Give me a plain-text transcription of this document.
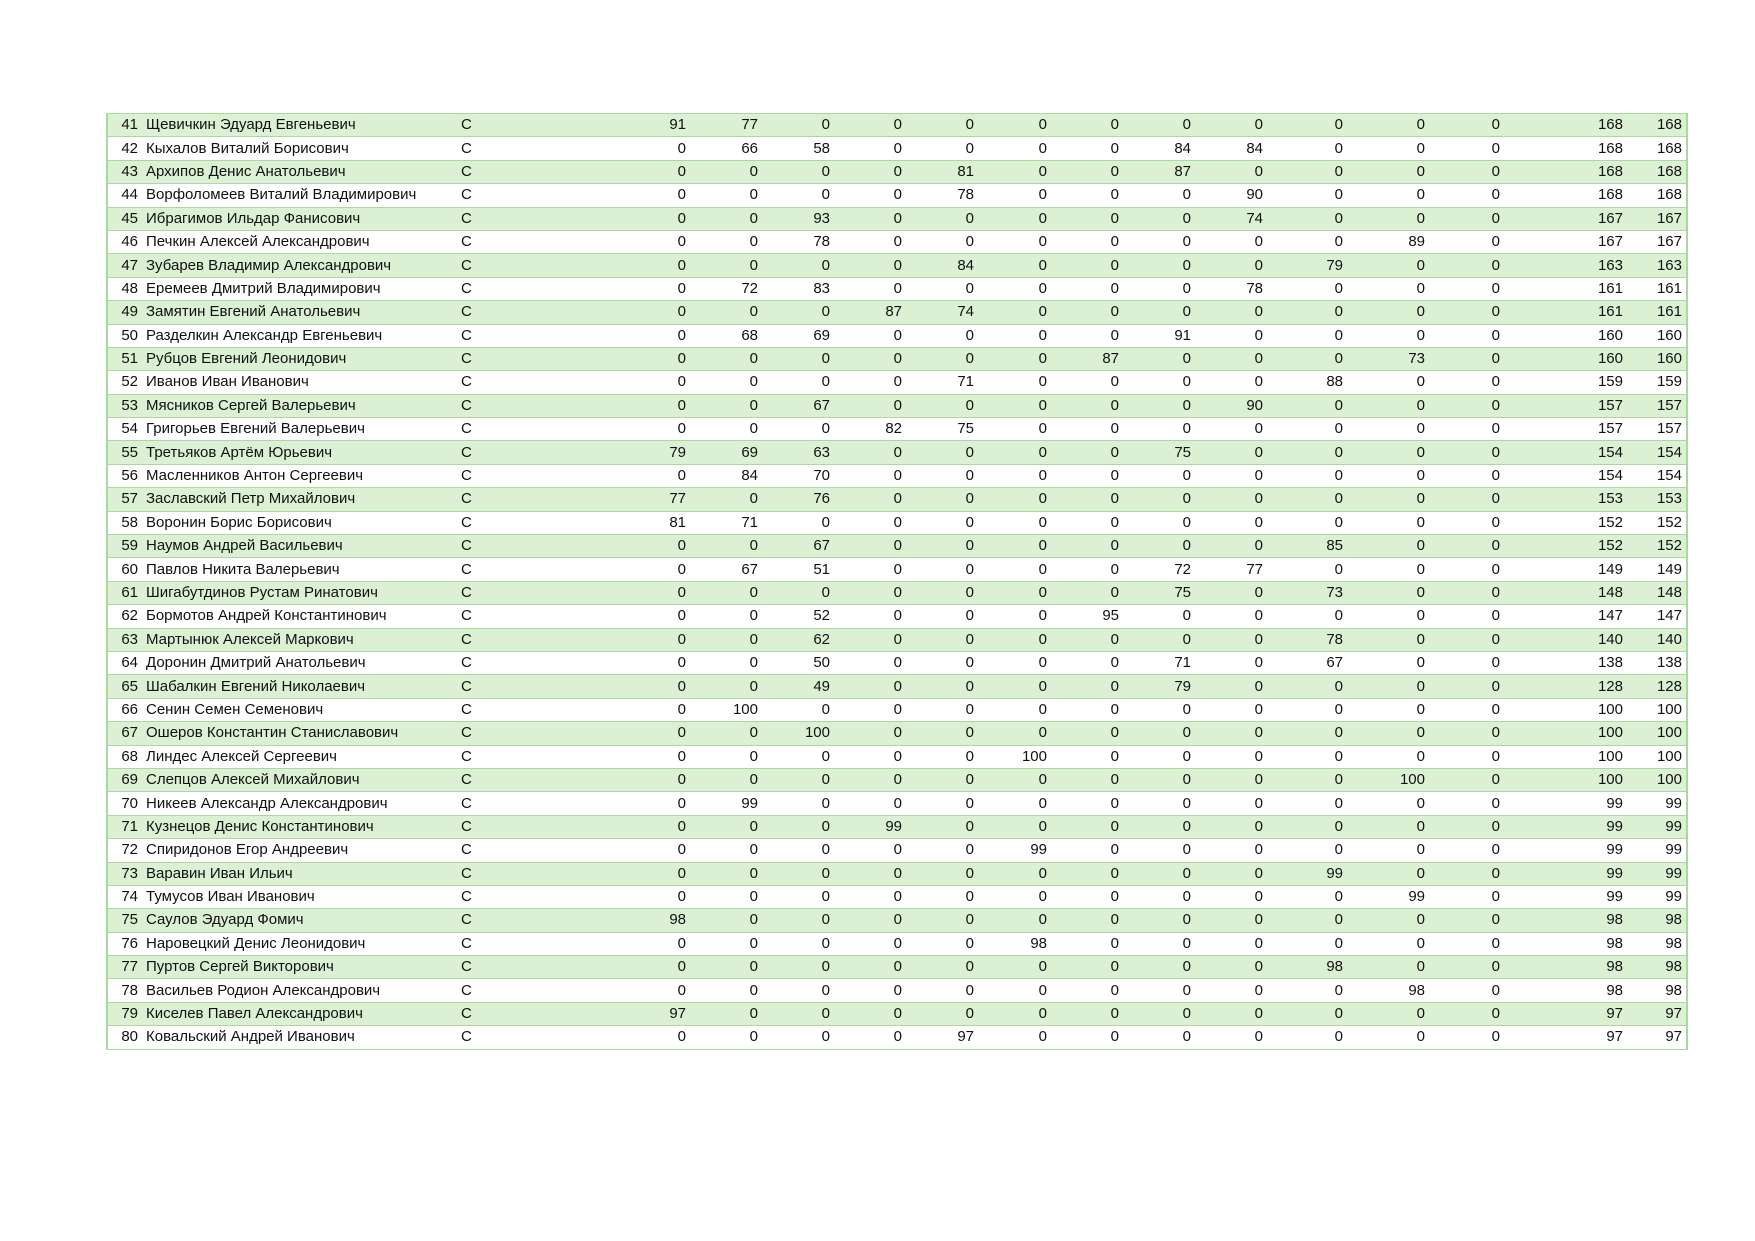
41	Щевичкин Эдуард Евгеньевич	C	91	77	0	0	0	0	0	0	0	0	0	0	168	168
42	Кыхалов Виталий Борисович	C	0	66	58	0	0	0	0	84	84	0	0	0	168	168
43	Архипов Денис Анатольевич	C	0	0	0	0	81	0	0	87	0	0	0	0	168	168
44	Ворфоломеев Виталий Владимирович	C	0	0	0	0	78	0	0	0	90	0	0	0	168	168
45	Ибрагимов Ильдар Фанисович	C	0	0	93	0	0	0	0	0	74	0	0	0	167	167
46	Печкин Алексей Александрович	C	0	0	78	0	0	0	0	0	0	0	89	0	167	167
47	Зубарев Владимир Александрович	C	0	0	0	0	84	0	0	0	0	79	0	0	163	163
48	Еремеев Дмитрий Владимирович	C	0	72	83	0	0	0	0	0	78	0	0	0	161	161
49	Замятин Евгений Анатольевич	C	0	0	0	87	74	0	0	0	0	0	0	0	161	161
50	Разделкин Александр Евгеньевич	C	0	68	69	0	0	0	0	91	0	0	0	0	160	160
51	Рубцов Евгений Леонидович	C	0	0	0	0	0	0	87	0	0	0	73	0	160	160
52	Иванов Иван Иванович	C	0	0	0	0	71	0	0	0	0	88	0	0	159	159
53	Мясников Сергей Валерьевич	C	0	0	67	0	0	0	0	0	90	0	0	0	157	157
54	Григорьев Евгений Валерьевич	C	0	0	0	82	75	0	0	0	0	0	0	0	157	157
55	Третьяков Артём Юрьевич	C	79	69	63	0	0	0	0	75	0	0	0	0	154	154
56	Масленников Антон Сергеевич	C	0	84	70	0	0	0	0	0	0	0	0	0	154	154
57	Заславский Петр Михайлович	C	77	0	76	0	0	0	0	0	0	0	0	0	153	153
58	Воронин Борис Борисович	C	81	71	0	0	0	0	0	0	0	0	0	0	152	152
59	Наумов Андрей Васильевич	C	0	0	67	0	0	0	0	0	0	85	0	0	152	152
60	Павлов Никита Валерьевич	C	0	67	51	0	0	0	0	72	77	0	0	0	149	149
61	Шигабутдинов Рустам Ринатович	C	0	0	0	0	0	0	0	75	0	73	0	0	148	148
62	Бормотов Андрей Константинович	C	0	0	52	0	0	0	95	0	0	0	0	0	147	147
63	Мартынюк Алексей Маркович	C	0	0	62	0	0	0	0	0	0	78	0	0	140	140
64	Доронин Дмитрий Анатольевич	C	0	0	50	0	0	0	0	71	0	67	0	0	138	138
65	Шабалкин Евгений Николаевич	C	0	0	49	0	0	0	0	79	0	0	0	0	128	128
66	Сенин Семен Семенович	C	0	100	0	0	0	0	0	0	0	0	0	0	100	100
67	Ошеров Константин Станиславович	C	0	0	100	0	0	0	0	0	0	0	0	0	100	100
68	Линдес Алексей Сергеевич	C	0	0	0	0	0	100	0	0	0	0	0	0	100	100
69	Слепцов Алексей Михайлович	C	0	0	0	0	0	0	0	0	0	0	100	0	100	100
70	Никеев Александр Александрович	C	0	99	0	0	0	0	0	0	0	0	0	0	99	99
71	Кузнецов Денис Константинович	C	0	0	0	99	0	0	0	0	0	0	0	0	99	99
72	Спиридонов Егор Андреевич	C	0	0	0	0	0	99	0	0	0	0	0	0	99	99
73	Варавин Иван Ильич	C	0	0	0	0	0	0	0	0	0	99	0	0	99	99
74	Тумусов Иван Иванович	C	0	0	0	0	0	0	0	0	0	0	99	0	99	99
75	Саулов Эдуард Фомич	C	98	0	0	0	0	0	0	0	0	0	0	0	98	98
76	Наровецкий Денис Леонидович	C	0	0	0	0	0	98	0	0	0	0	0	0	98	98
77	Пуртов Сергей Викторович	C	0	0	0	0	0	0	0	0	0	98	0	0	98	98
78	Васильев Родион Александрович	C	0	0	0	0	0	0	0	0	0	0	98	0	98	98
79	Киселев Павел Александрович	C	97	0	0	0	0	0	0	0	0	0	0	0	97	97
80	Ковальский Андрей Иванович	C	0	0	0	0	97	0	0	0	0	0	0	0	97	97
